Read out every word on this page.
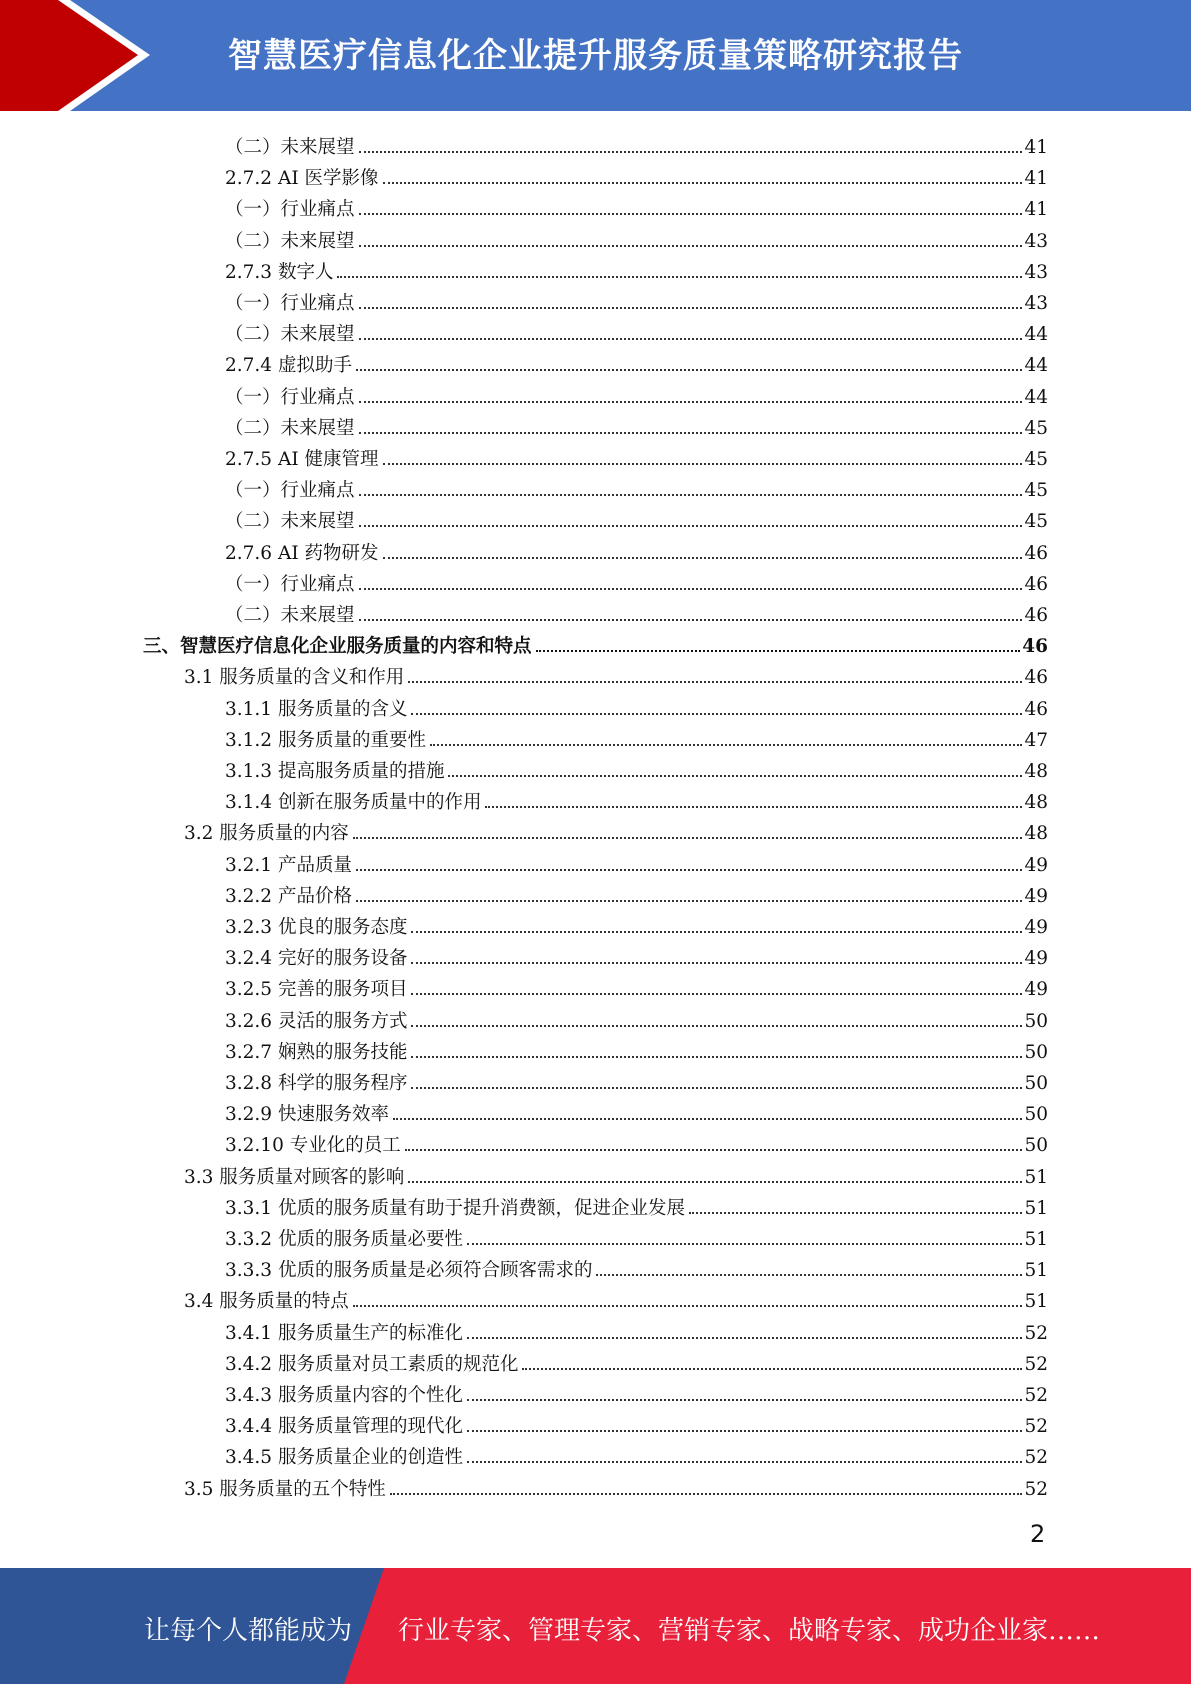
智慧医疗信息化企业提升服务质量策略研究报告
（二）未来展望	41
2.7.2 AI 医学影像	41
（一）行业痛点	41
（二）未来展望	43
2.7.3 数字人	43
（一）行业痛点	43
（二）未来展望	44
2.7.4 虚拟助手	44
（一）行业痛点	44
（二）未来展望	45
2.7.5 AI 健康管理	45
（一）行业痛点	45
（二）未来展望	45
2.7.6 AI 药物研发	46
（一）行业痛点	46
（二）未来展望	46
三、智慧医疗信息化企业服务质量的内容和特点	46
3.1 服务质量的含义和作用	46
3.1.1 服务质量的含义	46
3.1.2 服务质量的重要性	47
3.1.3 提高服务质量的措施	48
3.1.4 创新在服务质量中的作用	48
3.2 服务质量的内容	48
3.2.1 产品质量	49
3.2.2 产品价格	49
3.2.3 优良的服务态度	49
3.2.4 完好的服务设备	49
3.2.5 完善的服务项目	49
3.2.6 灵活的服务方式	50
3.2.7 娴熟的服务技能	50
3.2.8 科学的服务程序	50
3.2.9 快速服务效率	50
3.2.10 专业化的员工	50
3.3 服务质量对顾客的影响	51
3.3.1 优质的服务质量有助于提升消费额，促进企业发展	51
3.3.2 优质的服务质量必要性	51
3.3.3 优质的服务质量是必须符合顾客需求的	51
3.4 服务质量的特点	51
3.4.1 服务质量生产的标准化	52
3.4.2 服务质量对员工素质的规范化	52
3.4.3 服务质量内容的个性化	52
3.4.4 服务质量管理的现代化	52
3.4.5 服务质量企业的创造性	52
3.5 服务质量的五个特性	52
2
让每个人都能成为 行业专家、管理专家、营销专家、战略专家、成功企业家……
